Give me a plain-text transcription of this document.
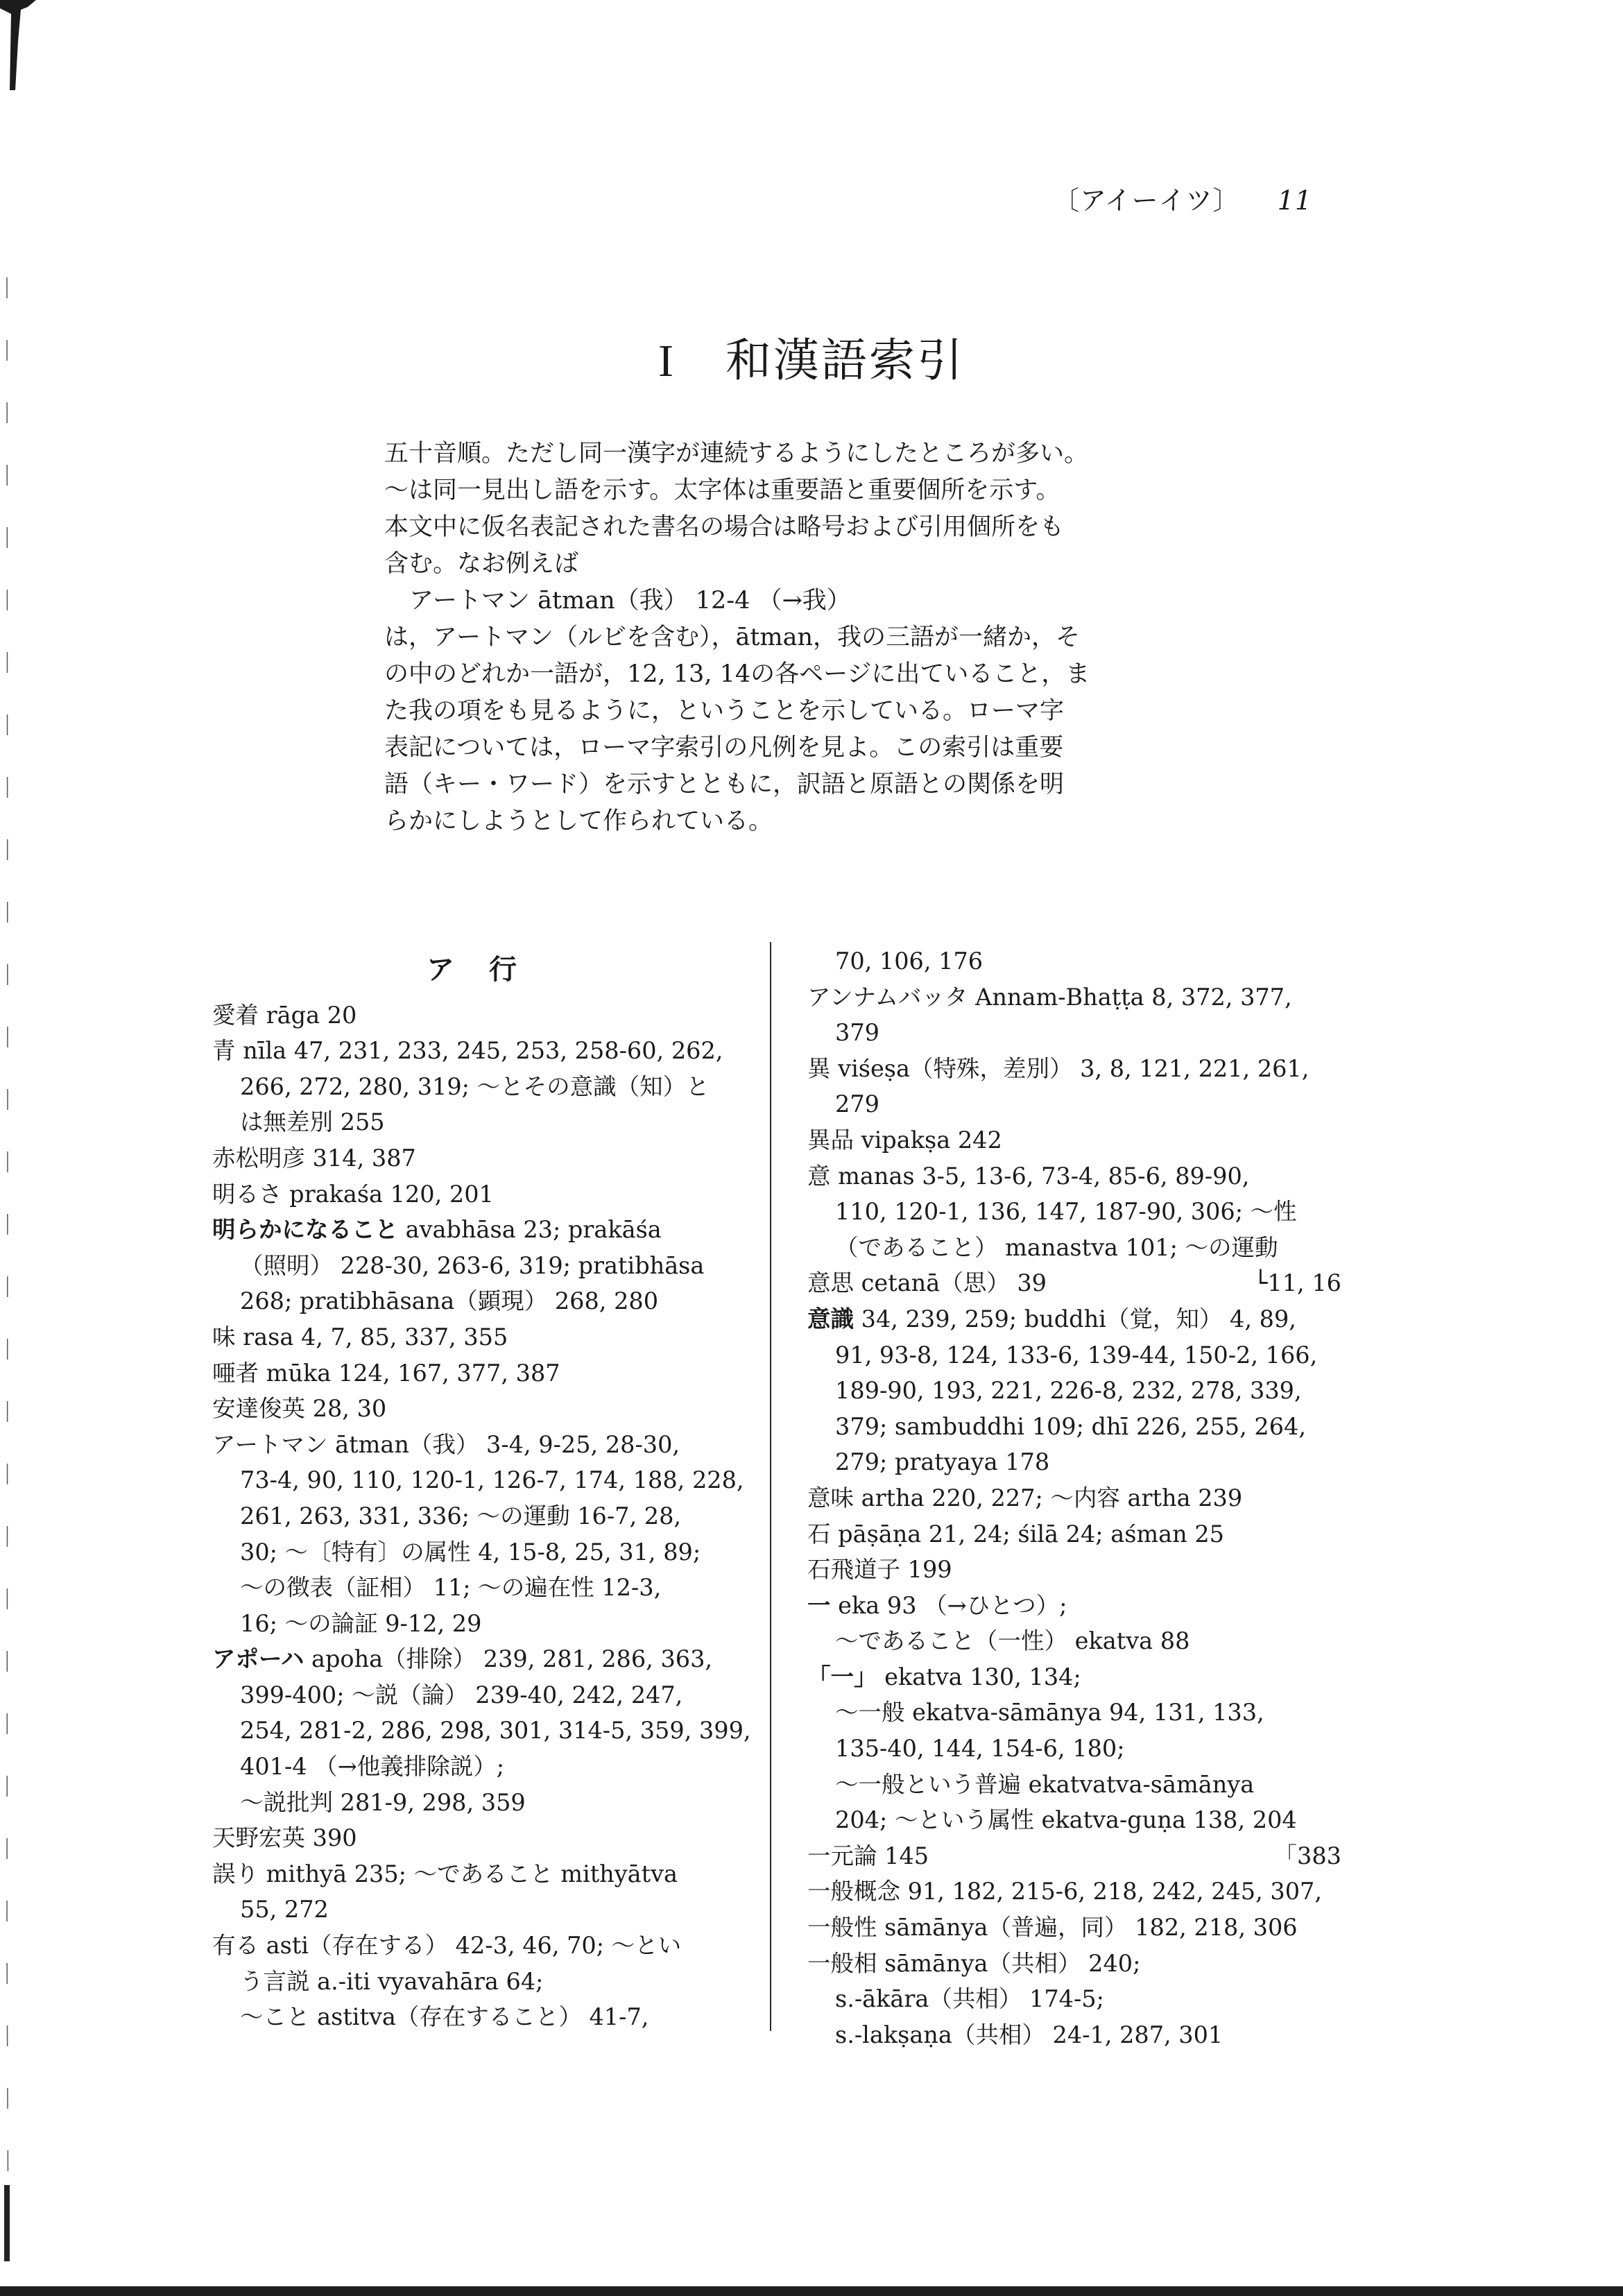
〔アイーイツ〕 11
I 和漢語索引

五十音順。ただし同一漢字が連続するようにしたところが多い。

～は同一見出し語を示す。太字体は重要語と重要個所を示す。

本文中に仮名表記された書名の場合は略号および引用個所をも

含む。なお例えば

アートマン ātman（我） 12-4 （→我）

は，アートマン（ルビを含む），ātman，我の三語が一緒か，そ

の中のどれか一語が，12, 13, 14の各ページに出ていること，ま

た我の項をも見るように，ということを示している。ローマ字

表記については，ローマ字索引の凡例を見よ。この索引は重要

語（キー・ワード）を示すとともに，訳語と原語との関係を明

らかにしようとして作られている。

ア 行
愛着 rāga 20
青 nīla 47, 231, 233, 245, 253, 258-60, 262,
266, 272, 280, 319; ～とその意識（知）と
は無差別 255
赤松明彦 314, 387
明るさ prakaśa 120, 201
明らかになること avabhāsa 23; prakāśa
（照明） 228-30, 263-6, 319; pratibhāsa
268; pratibhāsana（顕現） 268, 280
味 rasa 4, 7, 85, 337, 355
唖者 mūka 124, 167, 377, 387
安達俊英 28, 30
アートマン ātman（我） 3-4, 9-25, 28-30,
73-4, 90, 110, 120-1, 126-7, 174, 188, 228,
261, 263, 331, 336; ～の運動 16-7, 28,
30; ～〔特有〕の属性 4, 15-8, 25, 31, 89;
～の徴表（証相） 11; ～の遍在性 12-3,
16; ～の論証 9-12, 29
アポーハ apoha（排除） 239, 281, 286, 363,
399-400; ～説（論） 239-40, 242, 247,
254, 281-2, 286, 298, 301, 314-5, 359, 399,
401-4 （→他義排除説）;
～説批判 281-9, 298, 359
天野宏英 390
誤り mithyā 235; ～であること mithyātva
55, 272
有る asti（存在する） 42-3, 46, 70; ～とい
う言説 a.-iti vyavahāra 64;
～こと astitva（存在すること） 41-7,
70, 106, 176
アンナムバッタ Annam-Bhaṭṭa 8, 372, 377,
379
異 viśeṣa（特殊，差別） 3, 8, 121, 221, 261,
279
異品 vipakṣa 242
意 manas 3-5, 13-6, 73-4, 85-6, 89-90,
110, 120-1, 136, 147, 187-90, 306; ～性
（であること） manastva 101; ～の運動
意思 cetanā（思） 39	└11, 16
意識 34, 239, 259; buddhi（覚，知） 4, 89,
91, 93-8, 124, 133-6, 139-44, 150-2, 166,
189-90, 193, 221, 226-8, 232, 278, 339,
379; sambuddhi 109; dhī 226, 255, 264,
279; pratyaya 178
意味 artha 220, 227; ～内容 artha 239
石 pāṣāṇa 21, 24; śilā 24; aśman 25
石飛道子 199
一 eka 93 （→ひとつ）;
～であること（一性） ekatva 88
「一」 ekatva 130, 134;
～一般 ekatva-sāmānya 94, 131, 133,
135-40, 144, 154-6, 180;
～一般という普遍 ekatvatva-sāmānya
204; ～という属性 ekatva-guṇa 138, 204
一元論 145	「383
一般概念 91, 182, 215-6, 218, 242, 245, 307,
一般性 sāmānya（普遍，同） 182, 218, 306
一般相 sāmānya（共相） 240;
s.-ākāra（共相） 174-5;
s.-lakṣaṇa（共相） 24-1, 287, 301
